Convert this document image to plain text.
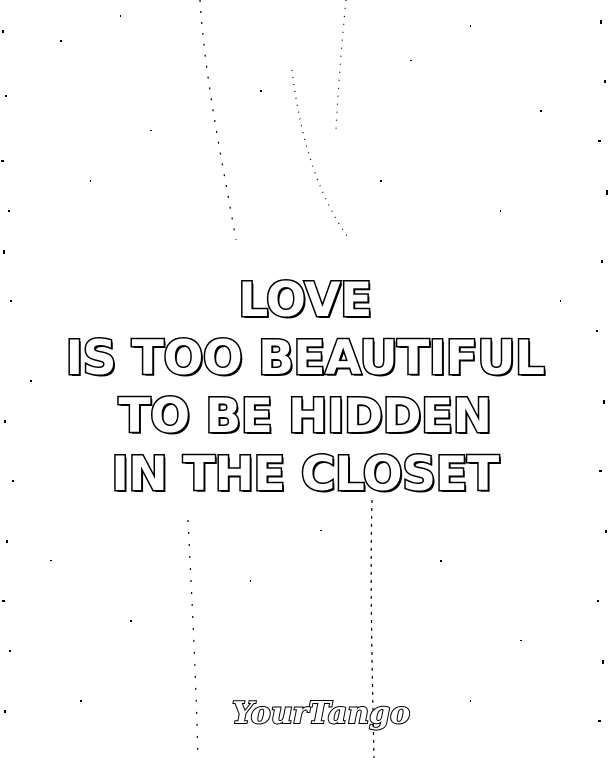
LOVE
IS TOO BEAUTIFUL
TO BE HIDDEN
IN THE CLOSET
YourTango
